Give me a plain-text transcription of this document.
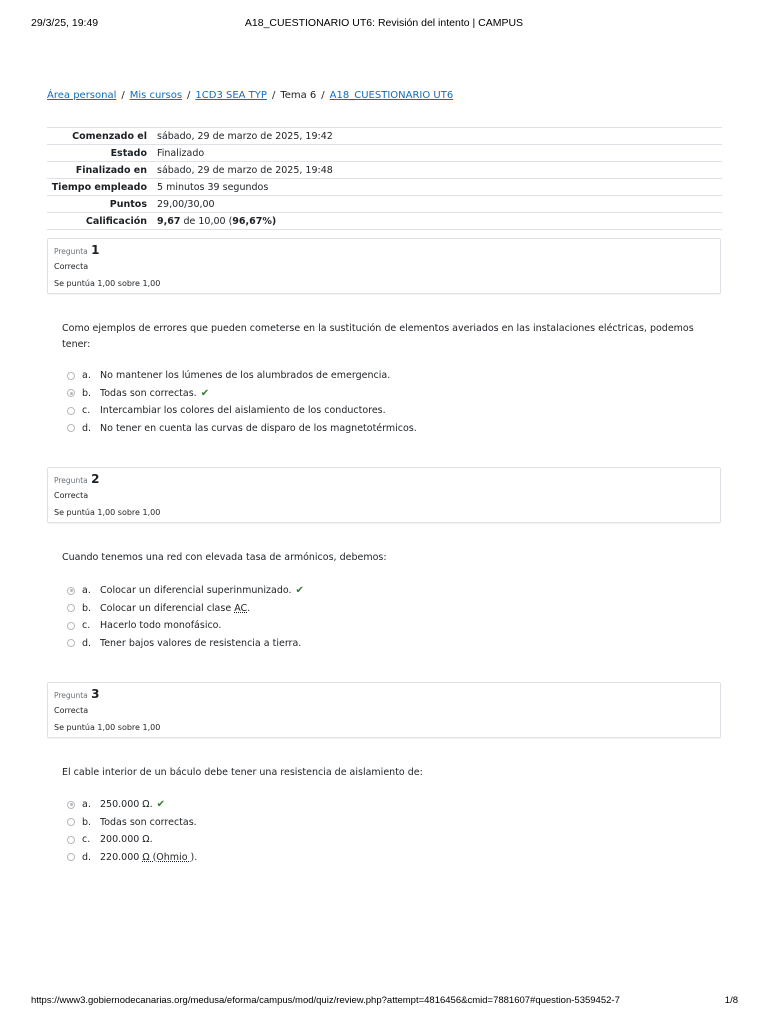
29/3/25, 19:49	A18_CUESTIONARIO UT6: Revisión del intento | CAMPUS
Área personal / Mis cursos / 1CD3 SEA TYP / Tema 6 / A18_CUESTIONARIO UT6
Comenzado el	sábado, 29 de marzo de 2025, 19:42
Estado	Finalizado
Finalizado en	sábado, 29 de marzo de 2025, 19:48
Tiempo empleado	5 minutos 39 segundos
Puntos	29,00/30,00
Calificación	9,67 de 10,00 (96,67%)
Pregunta 1
Correcta
Se puntúa 1,00 sobre 1,00
Como ejemplos de errores que pueden cometerse en la sustitución de elementos averiados en las instalaciones eléctricas, podemos tener:
a. No mantener los lúmenes de los alumbrados de emergencia.
b. Todas son correctas. ✔
c.	Intercambiar los colores del aislamiento de los conductores.
d. No tener en cuenta las curvas de disparo de los magnetotérmicos.
Pregunta 2
Correcta
Se puntúa 1,00 sobre 1,00
Cuando tenemos una red con elevada tasa de armónicos, debemos:
a. Colocar un diferencial superinmunizado. ✔
b. Colocar un diferencial clase AC .
c.	Hacerlo todo monofásico.
d. Tener bajos valores de resistencia a tierra.
Pregunta 3
Correcta
Se puntúa 1,00 sobre 1,00
El cable interior de un báculo debe tener una resistencia de aislamiento de:
a. 250.000 Ω. ✔
b. Todas son correctas.
c.	200.000 Ω.
d. 220.000 Ω (Ohmio ) .
https://www3.gobiernodecanarias.org/medusa/eforma/campus/mod/quiz/review.php?attempt=4816456&cmid=7881607#question-5359452-7	1/8
